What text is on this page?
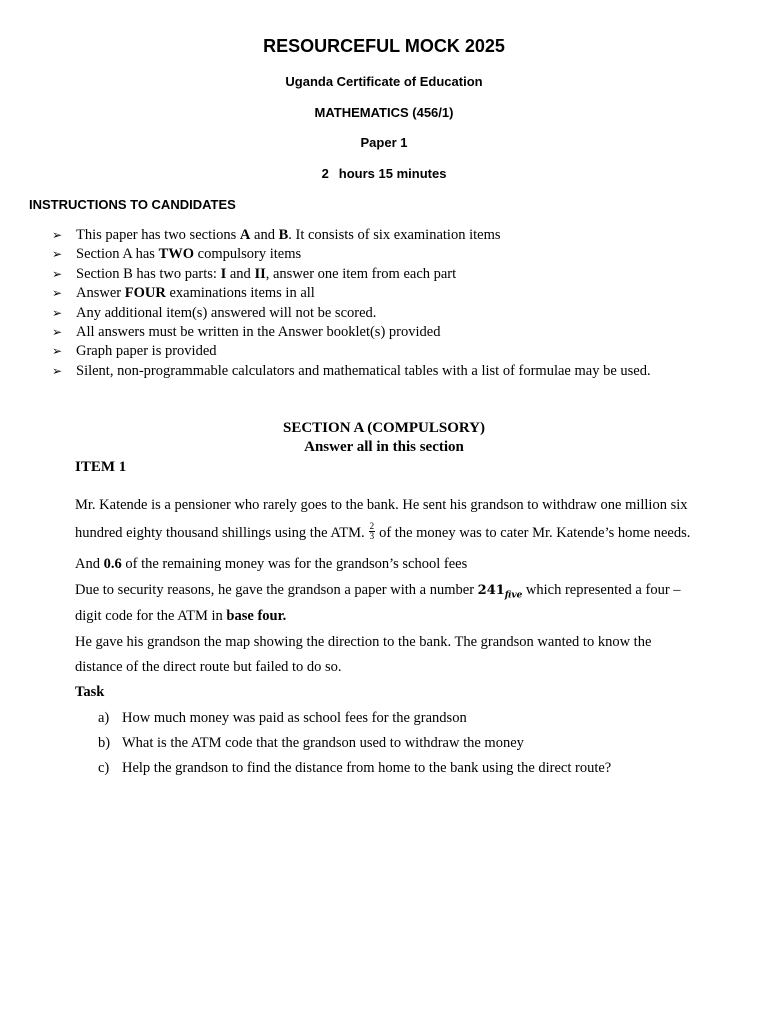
RESOURCEFUL MOCK 2025
Uganda Certificate of Education
MATHEMATICS (456/1)
Paper 1
2 hours 15 minutes
INSTRUCTIONS TO CANDIDATES
➢ This paper has two sections A and B. It consists of six examination items
➢ Section A has TWO compulsory items
➢ Section B has two parts: I and II, answer one item from each part
➢ Answer FOUR examinations items in all
➢ Any additional item(s) answered will not be scored.
➢ All answers must be written in the Answer booklet(s) provided
➢ Graph paper is provided
➢ Silent, non-programmable calculators and mathematical tables with a list of formulae may be used.
SECTION A (COMPULSORY)
Answer all in this section
ITEM 1
Mr. Katende is a pensioner who rarely goes to the bank. He sent his grandson to withdraw one million six
hundred eighty thousand shillings using the ATM. $\frac{2}{3}$ of the money was to cater Mr. Katende’s home needs.
And 0.6 of the remaining money was for the grandson’s school fees
Due to security reasons, he gave the grandson a paper with a number $241_{five}$ which represented a four –
digit code for the ATM in base four.
He gave his grandson the map showing the direction to the bank. The grandson wanted to know the
distance of the direct route but failed to do so.
Task
a) How much money was paid as school fees for the grandson
b) What is the ATM code that the grandson used to withdraw the money
c) Help the grandson to find the distance from home to the bank using the direct route?
